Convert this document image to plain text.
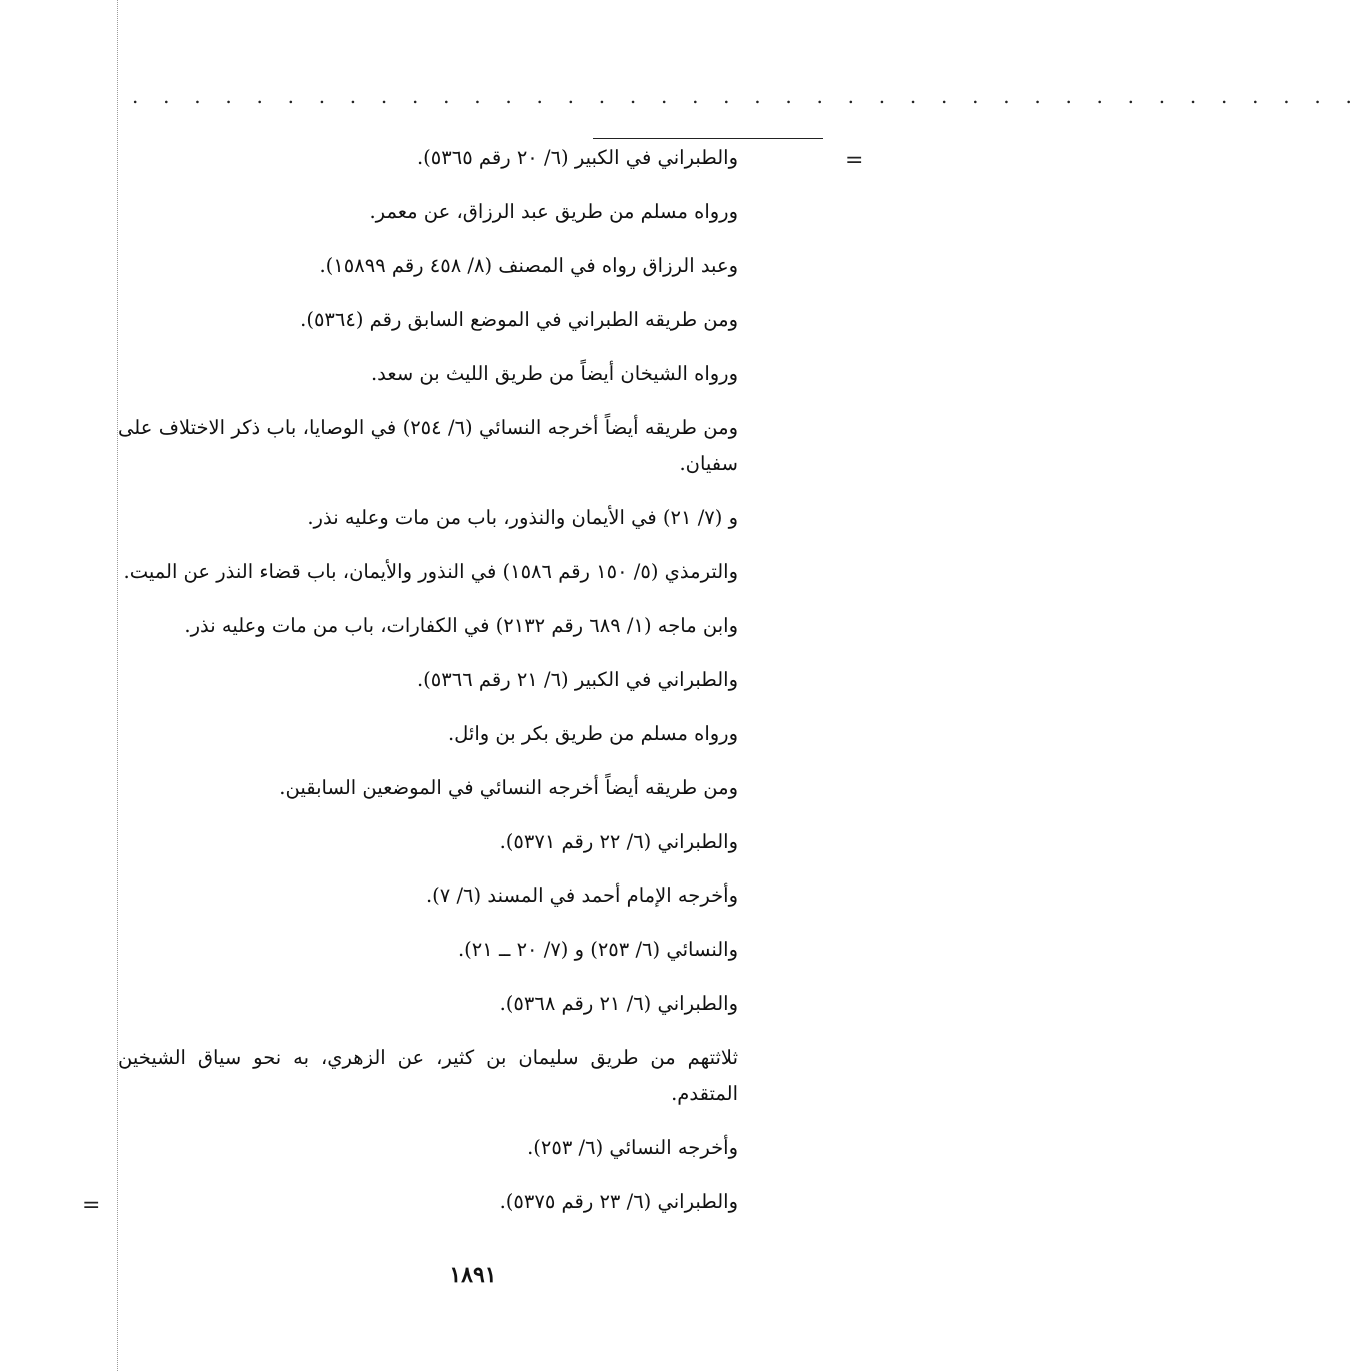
. . . . . . . . . . . . . . . . . . . . . . . . . . . . . . . . . . . . . . . .
=

والطبراني في الكبير (٦/ ٢٠ رقم ٥٣٦٥).

ورواه مسلم من طريق عبد الرزاق، عن معمر.

وعبد الرزاق رواه في المصنف (٨/ ٤٥٨ رقم ١٥٨٩٩).

ومن طريقه الطبراني في الموضع السابق رقم (٥٣٦٤).

ورواه الشيخان أيضاً من طريق الليث بن سعد.

ومن طريقه أيضاً أخرجه النسائي (٦/ ٢٥٤) في الوصايا، باب ذكر الاختلاف على سفيان.

و (٧/ ٢١) في الأيمان والنذور، باب من مات وعليه نذر.

والترمذي (٥/ ١٥٠ رقم ١٥٨٦) في النذور والأيمان، باب قضاء النذر عن الميت.

وابن ماجه (١/ ٦٨٩ رقم ٢١٣٢) في الكفارات، باب من مات وعليه نذر.

والطبراني في الكبير (٦/ ٢١ رقم ٥٣٦٦).

ورواه مسلم من طريق بكر بن وائل.

ومن طريقه أيضاً أخرجه النسائي في الموضعين السابقين.

والطبراني (٦/ ٢٢ رقم ٥٣٧١).

وأخرجه الإمام أحمد في المسند (٦/ ٧).

والنسائي (٦/ ٢٥٣) و (٧/ ٢٠ ــ ٢١).

والطبراني (٦/ ٢١ رقم ٥٣٦٨).

ثلاثتهم من طريق سليمان بن كثير، عن الزهري، به نحو سياق الشيخين المتقدم.

وأخرجه النسائي (٦/ ٢٥٣).

والطبراني (٦/ ٢٣ رقم ٥٣٧٥).

=
١٨٩١
